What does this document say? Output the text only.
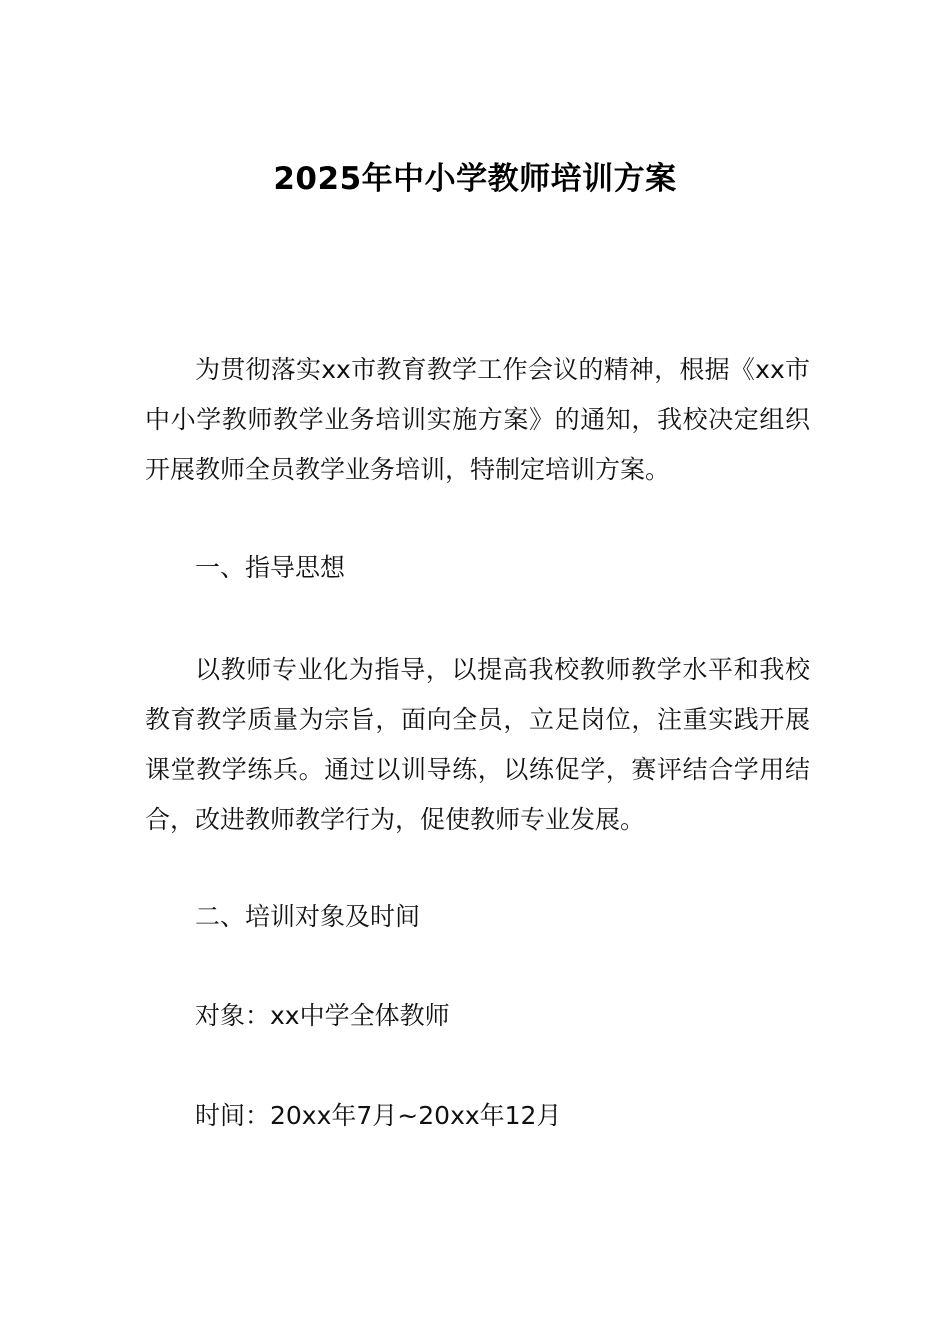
2025年中小学教师培训方案

为贯彻落实xx市教育教学工作会议的精神，根据《xx市中小学教师教学业务培训实施方案》的通知，我校决定组织开展教师全员教学业务培训，特制定培训方案。

一、指导思想

以教师专业化为指导，以提高我校教师教学水平和我校教育教学质量为宗旨，面向全员，立足岗位，注重实践开展课堂教学练兵。通过以训导练，以练促学，赛评结合学用结合，改进教师教学行为，促使教师专业发展。

二、培训对象及时间

对象：xx中学全体教师

时间：20xx年7月~20xx年12月
